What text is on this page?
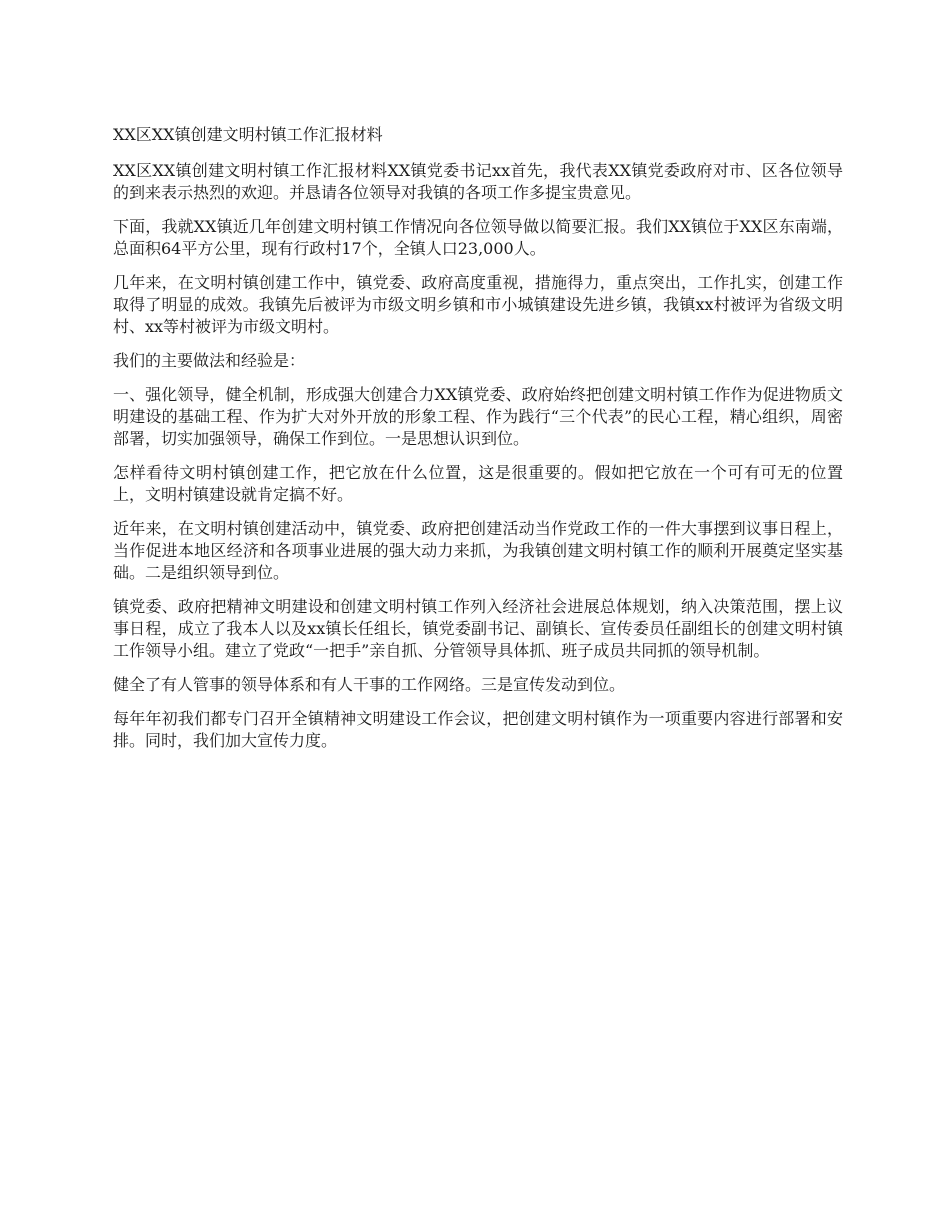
XX区XX镇创建文明村镇工作汇报材料

XX区XX镇创建文明村镇工作汇报材料XX镇党委书记xx首先，我代表XX镇党委政府对市、区各位领导的到来表示热烈的欢迎。并恳请各位领导对我镇的各项工作多提宝贵意见。

下面，我就XX镇近几年创建文明村镇工作情况向各位领导做以简要汇报。我们XX镇位于XX区东南端，总面积64平方公里，现有行政村17个，全镇人口23,000人。

几年来，在文明村镇创建工作中，镇党委、政府高度重视，措施得力，重点突出，工作扎实，创建工作取得了明显的成效。我镇先后被评为市级文明乡镇和市小城镇建设先进乡镇，我镇xx村被评为省级文明村、xx等村被评为市级文明村。

我们的主要做法和经验是：

一、强化领导，健全机制，形成强大创建合力XX镇党委、政府始终把创建文明村镇工作作为促进物质文明建设的基础工程、作为扩大对外开放的形象工程、作为践行“三个代表”的民心工程，精心组织，周密部署，切实加强领导，确保工作到位。一是思想认识到位。

怎样看待文明村镇创建工作，把它放在什么位置，这是很重要的。假如把它放在一个可有可无的位置上，文明村镇建设就肯定搞不好。

近年来，在文明村镇创建活动中，镇党委、政府把创建活动当作党政工作的一件大事摆到议事日程上，当作促进本地区经济和各项事业进展的强大动力来抓，为我镇创建文明村镇工作的顺利开展奠定坚实基础。二是组织领导到位。

镇党委、政府把精神文明建设和创建文明村镇工作列入经济社会进展总体规划，纳入决策范围，摆上议事日程，成立了我本人以及xx镇长任组长，镇党委副书记、副镇长、宣传委员任副组长的创建文明村镇工作领导小组。建立了党政“一把手”亲自抓、分管领导具体抓、班子成员共同抓的领导机制。

健全了有人管事的领导体系和有人干事的工作网络。三是宣传发动到位。

每年年初我们都专门召开全镇精神文明建设工作会议，把创建文明村镇作为一项重要内容进行部署和安排。同时，我们加大宣传力度。
